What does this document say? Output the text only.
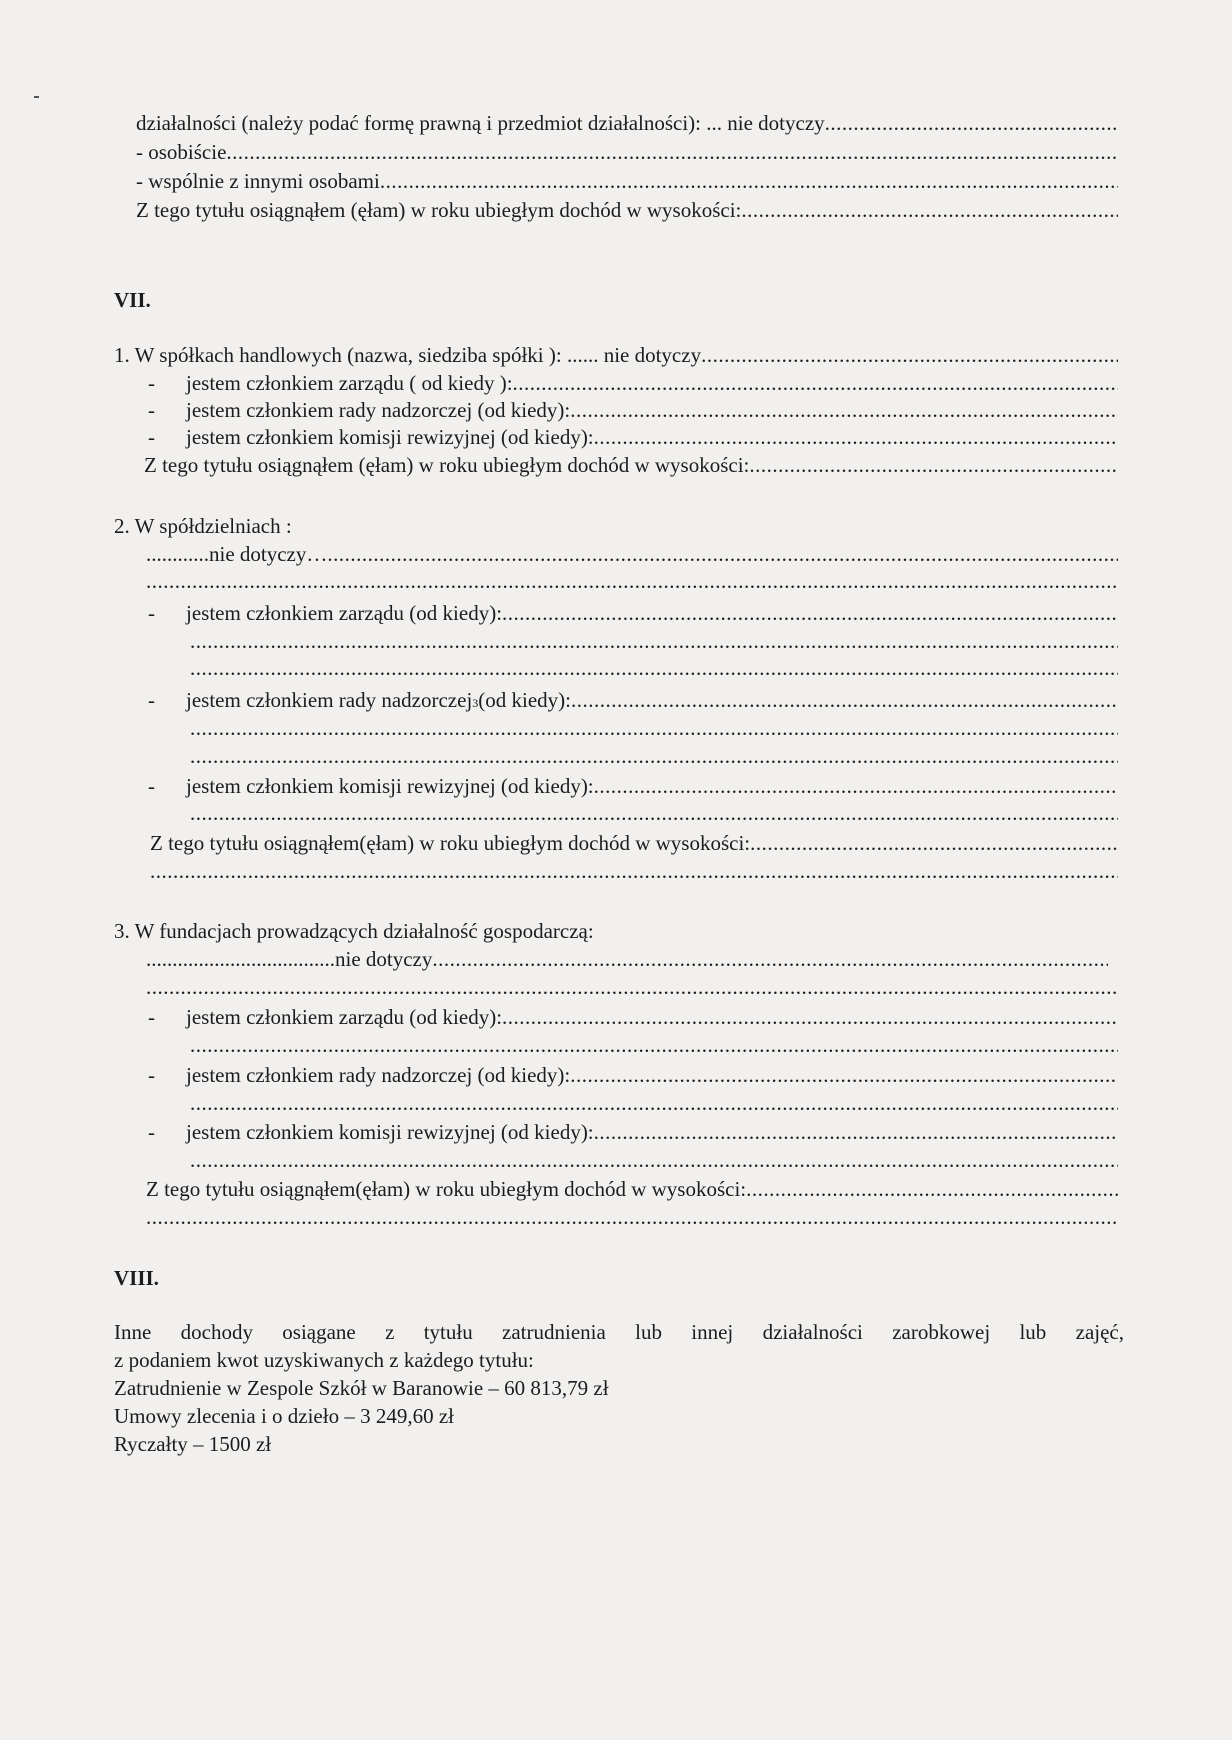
działalności (należy podać formę prawną i przedmiot działalności): ... nie dotyczy
.....
- osobiście
.....
- wspólnie z innymi osobami
.....
Z tego tytułu osiągnąłem (ęłam) w roku ubiegłym dochód w wysokości:
.....
VII.
1. W spółkach handlowych (nazwa, siedziba spółki ): ...... nie dotyczy
.....
-	jestem członkiem zarządu ( od kiedy ):
.....
-	jestem członkiem rady nadzorczej (od kiedy):
.....
-	jestem członkiem komisji rewizyjnej (od kiedy):
.....
Z tego tytułu osiągnąłem (ęłam) w roku ubiegłym dochód w wysokości:
.....
2. W spółdzielniach :
............ nie dotyczy…
.....
.....
-	jestem członkiem zarządu (od kiedy):
.....
.....
.....
-	jestem członkiem rady nadzorczej 3 (od kiedy):
.....
.....
.....
-	jestem członkiem komisji rewizyjnej (od kiedy):
.....
.....
Z tego tytułu osiągnąłem(ęłam) w roku ubiegłym dochód w wysokości:
.....
.....
3. W fundacjach prowadzących działalność gospodarczą:
.................................... nie dotyczy
.....
.....
-	jestem członkiem zarządu (od kiedy):
.....
.....
-	jestem członkiem rady nadzorczej (od kiedy):
.....
.....
-	jestem członkiem komisji rewizyjnej (od kiedy):
.....
.....
Z tego tytułu osiągnąłem(ęłam) w roku ubiegłym dochód w wysokości:
.....
.....
VIII.
Inne dochody osiągane z tytułu zatrudnienia lub innej działalności zarobkowej lub zajęć,
z podaniem kwot uzyskiwanych z każdego tytułu:
Zatrudnienie w Zespole Szkół w Baranowie – 60 813,79 zł
Umowy zlecenia i o dzieło – 3 249,60 zł
Ryczałty – 1500 zł
